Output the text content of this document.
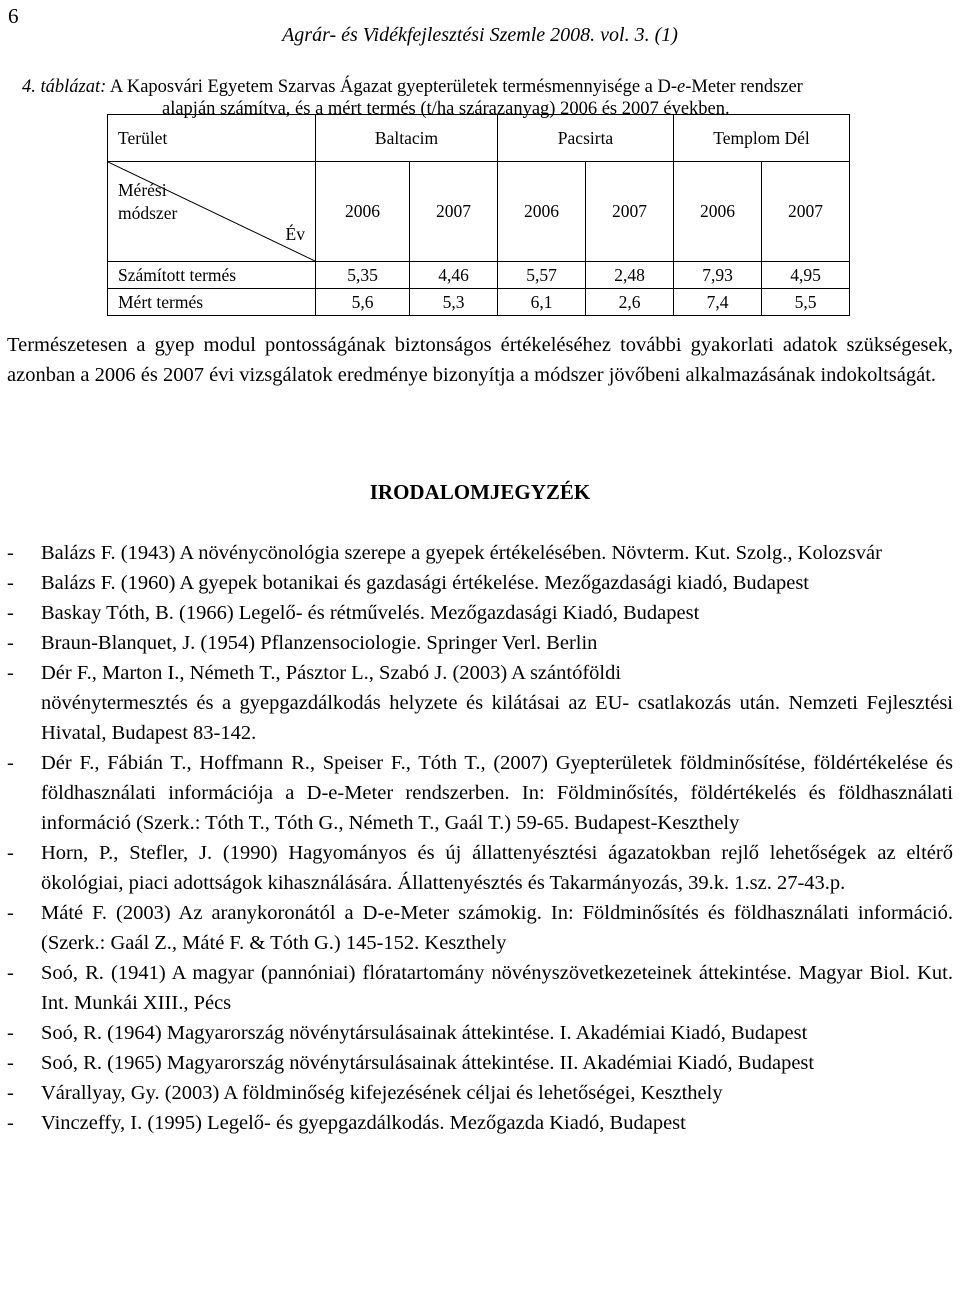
6
Agrár- és Vidékfejlesztési Szemle 2008. vol. 3. (1)
4. táblázat: A Kaposvári Egyetem Szarvas Ágazat gyepterületek termésmennyisége a D-e-Meter rendszer
alapján számítva, és a mért termés (t/ha szárazanyag) 2006 és 2007 években.
Terület	Baltacim		Pacsirta		Templom Dél	

Év
Mérési módszer	2006	2007	2006	2007	2006	2007
Számított termés	5,35	4,46	5,57	2,48	7,93	4,95
Mért termés	5,6	5,3	6,1	2,6	7,4	5,5

Természetesen a gyep modul pontosságának biztonságos értékeléséhez további gyakorlati adatok szükségesek, azonban a 2006 és 2007 évi vizsgálatok eredménye bizonyítja a módszer jövőbeni alkalmazásának indokoltságát.

IRODALOMJEGYZÉK
- Balázs F. (1943) A növénycönológia szerepe a gyepek értékelésében. Növterm. Kut. Szolg., Kolozsvár
- Balázs F. (1960) A gyepek botanikai és gazdasági értékelése. Mezőgazdasági kiadó, Budapest
- Baskay Tóth, B. (1966) Legelő- és rétművelés. Mezőgazdasági Kiadó, Budapest
- Braun-Blanquet, J. (1954) Pflanzensociologie. Springer Verl. Berlin
- Dér F., Marton I., Németh T., Pásztor L., Szabó J. (2003) A szántóföldi
növénytermesztés és a gyepgazdálkodás helyzete és kilátásai az EU- csatlakozás után. Nemzeti Fejlesztési Hivatal, Budapest 83-142.
- Dér F., Fábián T., Hoffmann R., Speiser F., Tóth T., (2007) Gyepterületek földminősítése, földértékelése és földhasználati információja a D-e-Meter rendszerben. In: Földminősítés, földértékelés és földhasználati információ (Szerk.: Tóth T., Tóth G., Németh T., Gaál T.) 59-65. Budapest-Keszthely
- Horn, P., Stefler, J. (1990) Hagyományos és új állattenyésztési ágazatokban rejlő lehetőségek az eltérő ökológiai, piaci adottságok kihasználására. Állattenyésztés és Takarmányozás, 39.k. 1.sz. 27-43.p.
- Máté F. (2003) Az aranykoronától a D-e-Meter számokig. In: Földminősítés és földhasználati információ. (Szerk.: Gaál Z., Máté F. & Tóth G.) 145-152. Keszthely
- Soó, R. (1941) A magyar (pannóniai) flóratartomány növényszövetkezeteinek áttekintése. Magyar Biol. Kut. Int. Munkái XIII., Pécs
- Soó, R. (1964) Magyarország növénytársulásainak áttekintése. I. Akadémiai Kiadó, Budapest
- Soó, R. (1965) Magyarország növénytársulásainak áttekintése. II. Akadémiai Kiadó, Budapest
- Várallyay, Gy. (2003) A földminőség kifejezésének céljai és lehetőségei, Keszthely
- Vinczeffy, I. (1995) Legelő- és gyepgazdálkodás. Mezőgazda Kiadó, Budapest
